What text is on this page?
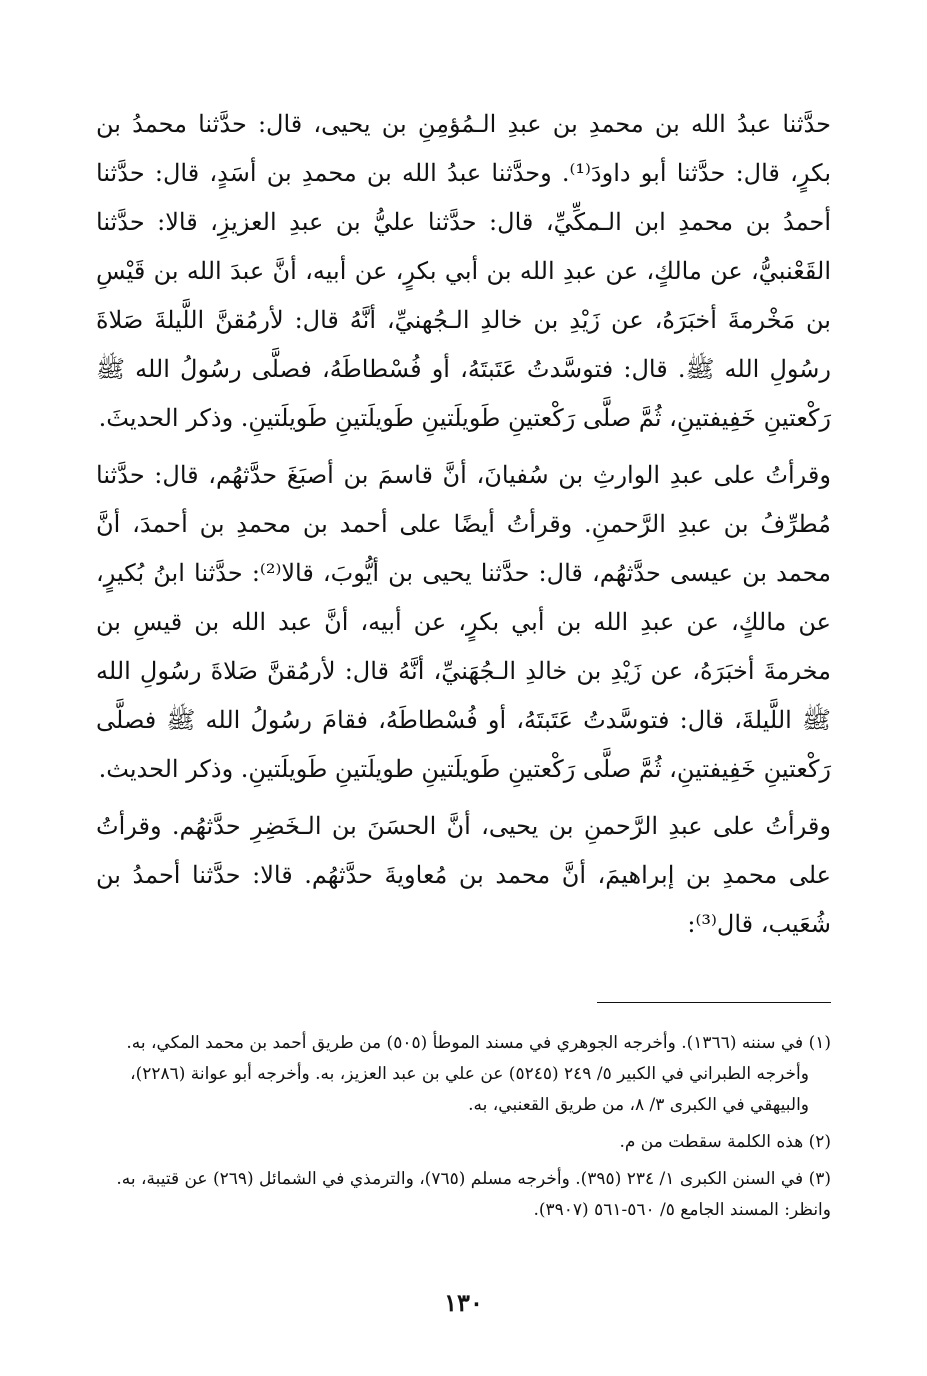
حدَّثنا عبدُ الله بن محمدِ بن عبدِ الـمُؤمِنِ بن يحيى، قال: حدَّثنا محمدُ بن بكرٍ، قال: حدَّثنا أبو داودَ⁽¹⁾. وحدَّثنا عبدُ الله بن محمدِ بن أسَدٍ، قال: حدَّثنا أحمدُ بن محمدِ ابن الـمكِّيِّ، قال: حدَّثنا عليُّ بن عبدِ العزيزِ، قالا: حدَّثنا القَعْنبيُّ، عن مالكٍ، عن عبدِ الله بن أبي بكرٍ، عن أبيه، أنَّ عبدَ الله بن قَيْسِ بن مَخْرمةَ أخبَرَهُ، عن زَيْدِ بن خالدِ الـجُهنيِّ، أنَّهُ قال: لأرمُقنَّ اللَّيلةَ صَلاةَ رسُولِ الله ﷺ. قال: فتوسَّدتُ عَتَبتَهُ، أو فُسْطاطَهُ، فصلَّى رسُولُ الله ﷺ رَكْعتينِ خَفِيفتينِ، ثُمَّ صلَّى رَكْعتينِ طَويلَتينِ طَويلَتينِ طَويلَتينِ. وذكر الحديثَ.

وقرأتُ على عبدِ الوارثِ بن سُفيانَ، أنَّ قاسمَ بن أصبَغَ حدَّثهُم، قال: حدَّثنا مُطرِّفُ بن عبدِ الرَّحمنِ. وقرأتُ أيضًا على أحمد بن محمدِ بن أحمدَ، أنَّ محمد بن عيسى حدَّثهُم، قال: حدَّثنا يحيى بن أيُّوبَ، قالا⁽²⁾: حدَّثنا ابنُ بُكيرٍ، عن مالكٍ، عن عبدِ الله بن أبي بكرٍ، عن أبيه، أنَّ عبد الله بن قيسِ بن مخرمةَ أخبَرَهُ، عن زَيْدِ بن خالدِ الـجُهَنيِّ، أنَّهُ قال: لأرمُقنَّ صَلاةَ رسُولِ الله ﷺ اللَّيلةَ، قال: فتوسَّدتُ عَتَبتَهُ، أو فُسْطاطَهُ، فقامَ رسُولُ الله ﷺ فصلَّى رَكْعتينِ خَفِيفتينِ، ثُمَّ صلَّى رَكْعتينِ طَويلَتينِ طويلَتينِ طَويلَتينِ. وذكر الحديث.

وقرأتُ على عبدِ الرَّحمنِ بن يحيى، أنَّ الحسَنَ بن الـخَضِرِ حدَّثهُم. وقرأتُ على محمدِ بن إبراهيمَ، أنَّ محمد بن مُعاويةَ حدَّثهُم. قالا: حدَّثنا أحمدُ بن شُعَيب، قال⁽³⁾:

(١) في سننه (١٣٦٦). وأخرجه الجوهري في مسند الموطأ (٥٠٥) من طريق أحمد بن محمد المكي، به.
وأخرجه الطبراني في الكبير ٥/ ٢٤٩ (٥٢٤٥) عن علي بن عبد العزيز، به. وأخرجه أبو عوانة (٢٢٨٦)، والبيهقي في الكبرى ٣/ ٨، من طريق القعنبي، به.
(٢) هذه الكلمة سقطت من م.
(٣) في السنن الكبرى ١/ ٢٣٤ (٣٩٥). وأخرجه مسلم (٧٦٥)، والترمذي في الشمائل (٢٦٩) عن قتيبة، به. وانظر: المسند الجامع ٥/ ٥٦٠-٥٦١ (٣٩٠٧).
١٣٠
